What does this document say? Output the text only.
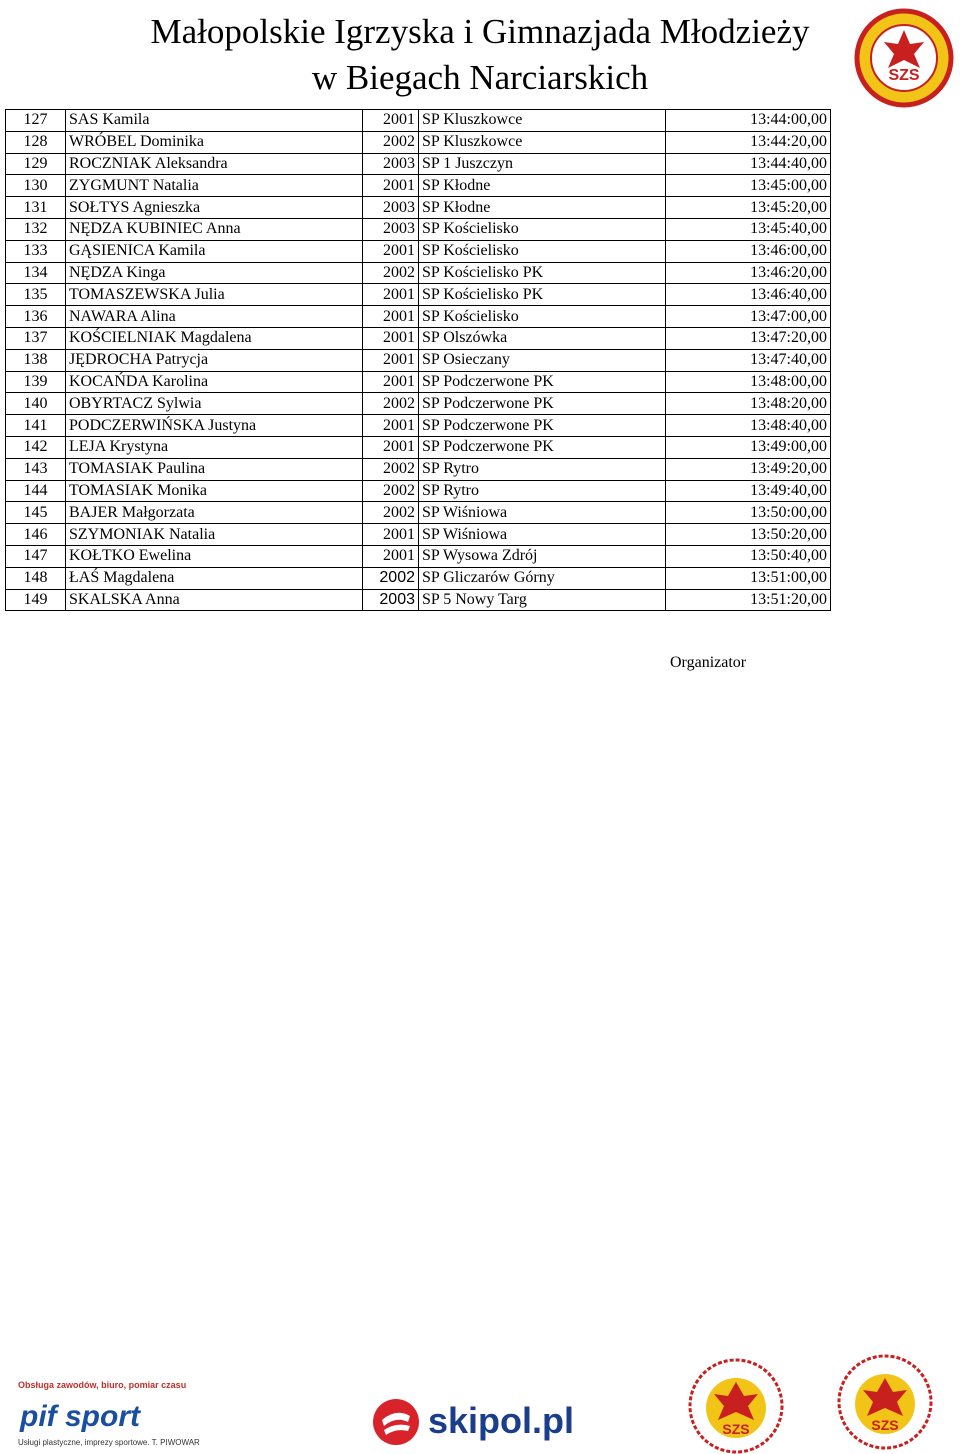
Małopolskie Igrzyska i Gimnazjada Młodzieży
w Biegach Narciarskich	SZS
127	SAS Kamila	2001	SP Kluszkowce	13:44:00,00
128	WRÓBEL Dominika	2002	SP Kluszkowce	13:44:20,00
129	ROCZNIAK Aleksandra	2003	SP 1 Juszczyn	13:44:40,00
130	ZYGMUNT Natalia	2001	SP Kłodne	13:45:00,00
131	SOŁTYS Agnieszka	2003	SP Kłodne	13:45:20,00
132	NĘDZA KUBINIEC Anna	2003	SP Kościelisko	13:45:40,00
133	GĄSIENICA Kamila	2001	SP Kościelisko	13:46:00,00
134	NĘDZA Kinga	2002	SP Kościelisko PK	13:46:20,00
135	TOMASZEWSKA Julia	2001	SP Kościelisko PK	13:46:40,00
136	NAWARA Alina	2001	SP Kościelisko	13:47:00,00
137	KOŚCIELNIAK Magdalena	2001	SP Olszówka	13:47:20,00
138	JĘDROCHA Patrycja	2001	SP Osieczany	13:47:40,00
139	KOCAŃDA Karolina	2001	SP Podczerwone PK	13:48:00,00
140	OBYRTACZ Sylwia	2002	SP Podczerwone PK	13:48:20,00
141	PODCZERWIŃSKA Justyna	2001	SP Podczerwone PK	13:48:40,00
142	LEJA Krystyna	2001	SP Podczerwone PK	13:49:00,00
143	TOMASIAK Paulina	2002	SP Rytro	13:49:20,00
144	TOMASIAK Monika	2002	SP Rytro	13:49:40,00
145	BAJER Małgorzata	2002	SP Wiśniowa	13:50:00,00
146	SZYMONIAK Natalia	2001	SP Wiśniowa	13:50:20,00
147	KOŁTKO Ewelina	2001	SP Wysowa Zdrój	13:50:40,00
148	ŁAŚ Magdalena	2002	SP Gliczarów Górny	13:51:00,00
149	SKALSKA Anna	2003	SP 5 Nowy Targ	13:51:20,00
Organizator
Obsługa zawodów, biuro, pomiar czasu
pif sport
Usługi plastyczne, imprezy sportowe. T. PIWOWAR
skipol.pl	SZS	SZS
